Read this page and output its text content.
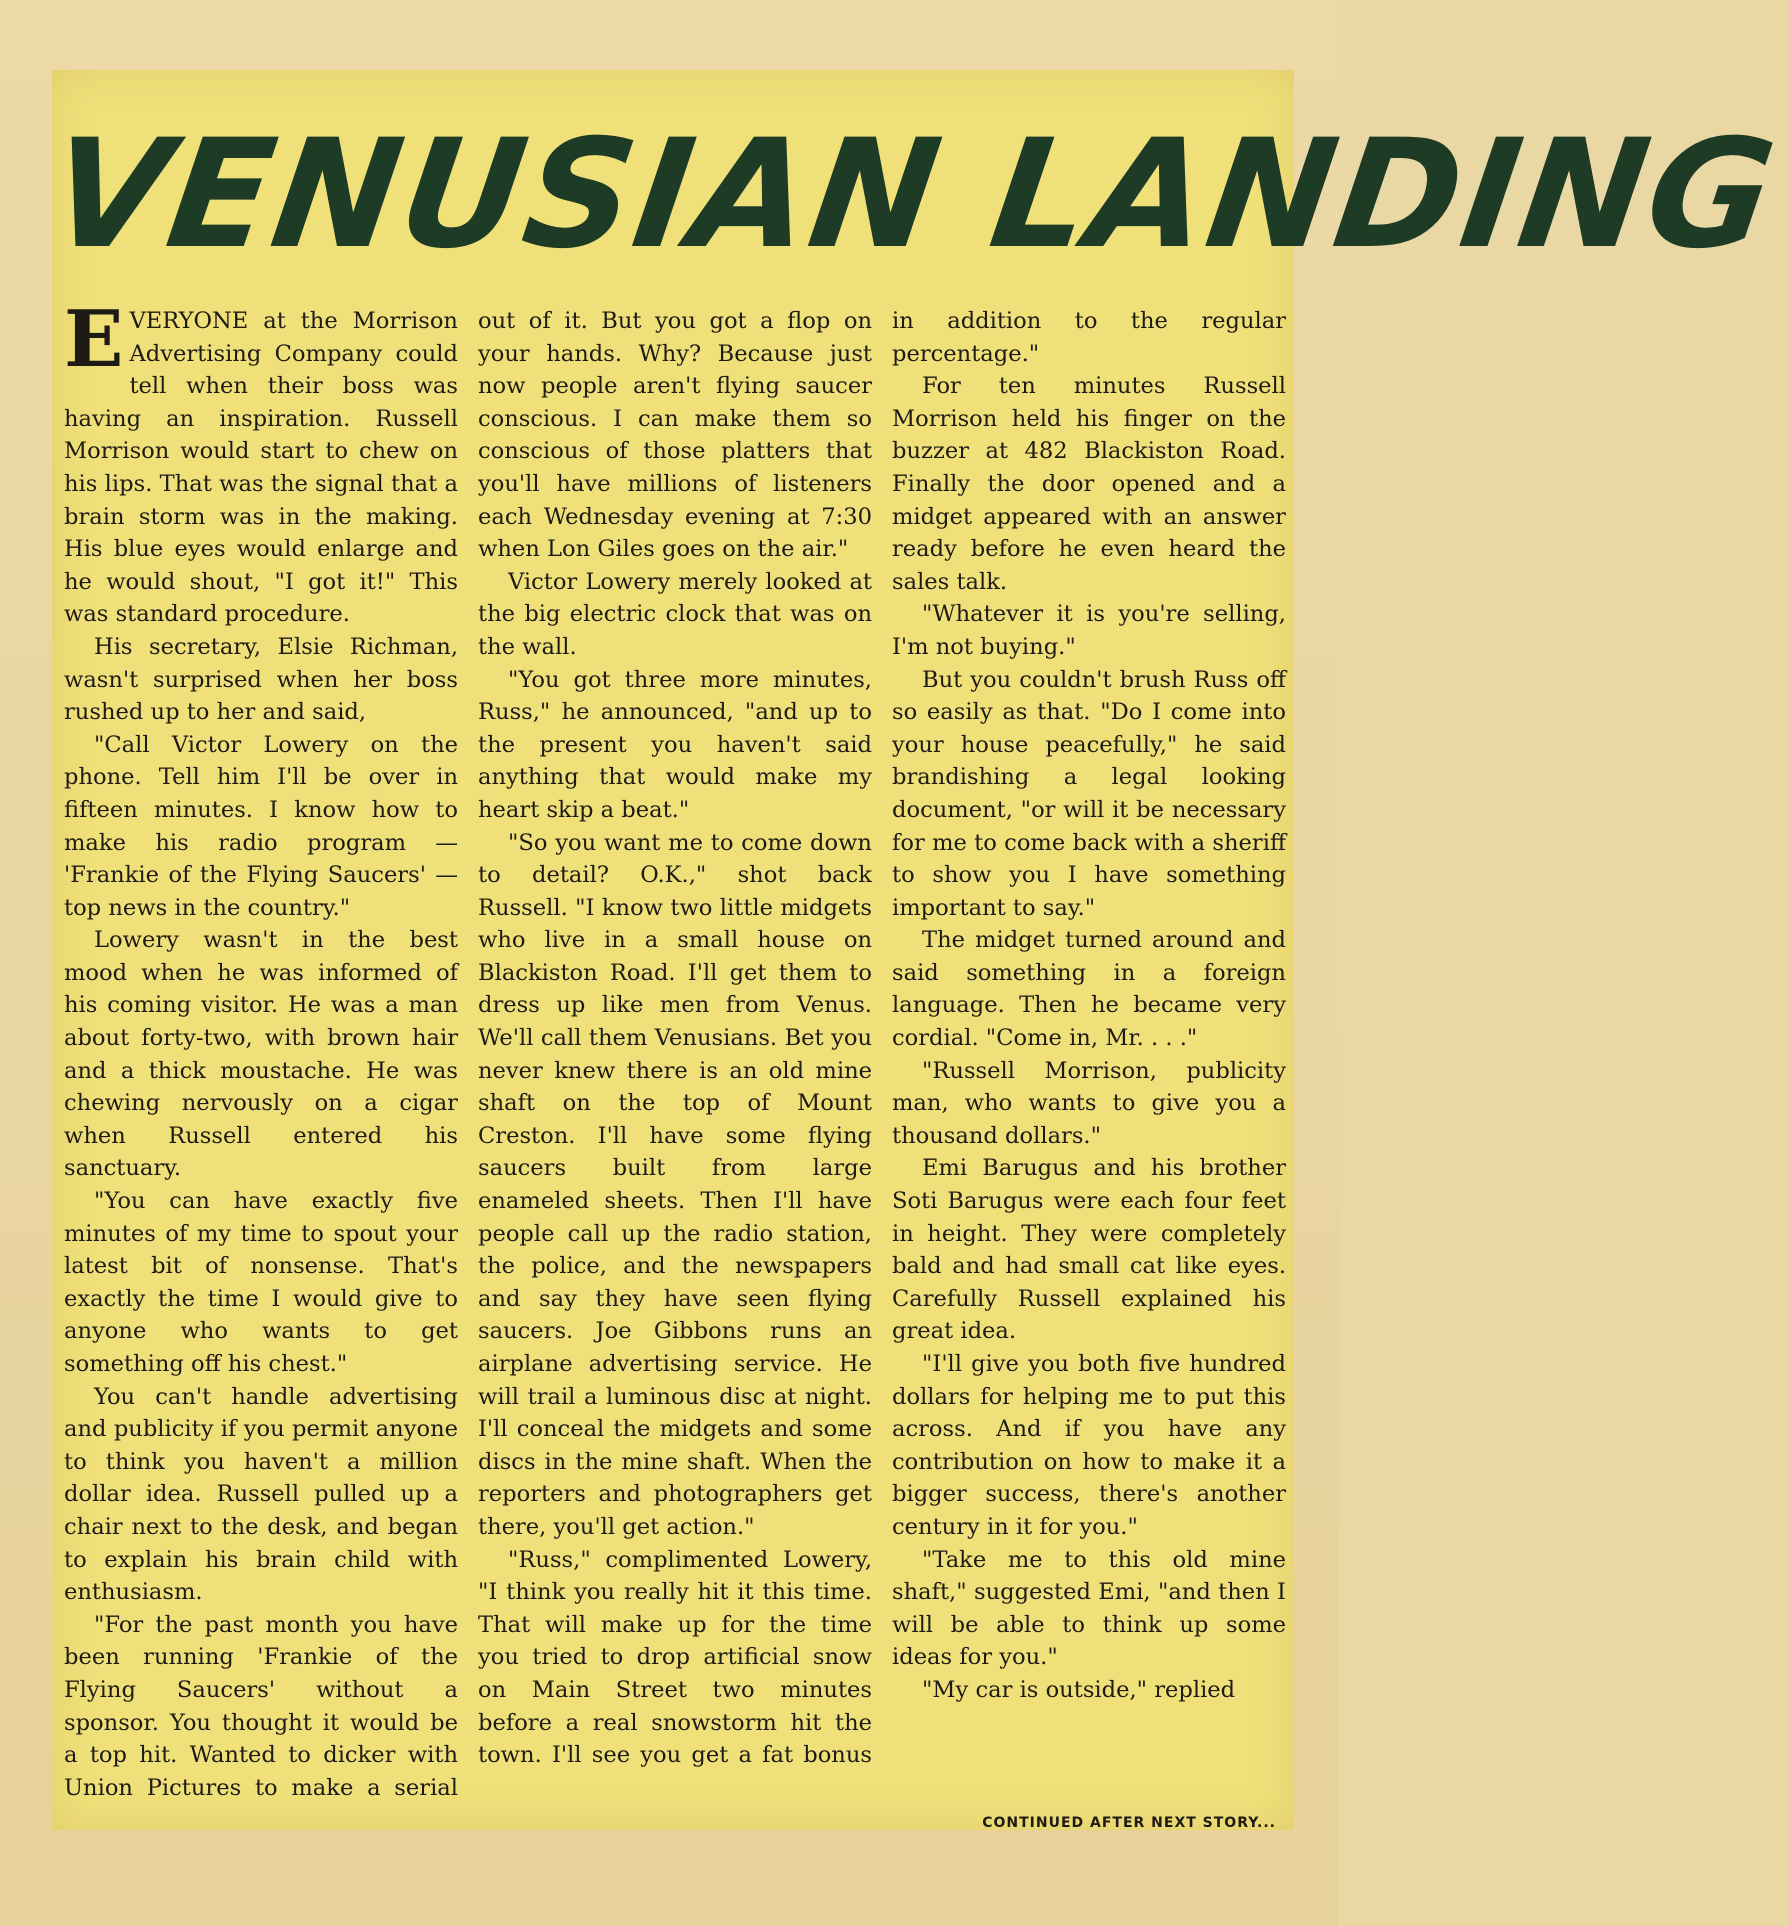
VENUSIAN LANDING

EVERYONE at the Morrison Advertising Company could tell when their boss was having an inspiration. Russell Morrison would start to chew on his lips. That was the signal that a brain storm was in the making. His blue eyes would enlarge and he would shout, "I got it!" This was standard procedure.

His secretary, Elsie Richman, wasn't surprised when her boss rushed up to her and said,

"Call Victor Lowery on the phone. Tell him I'll be over in fifteen minutes. I know how to make his radio program — 'Frankie of the Flying Saucers' — top news in the country."

Lowery wasn't in the best mood when he was informed of his coming visitor. He was a man about forty-two, with brown hair and a thick moustache. He was chewing nervously on a cigar when Russell entered his sanctuary.

"You can have exactly five minutes of my time to spout your latest bit of nonsense. That's exactly the time I would give to anyone who wants to get something off his chest."

You can't handle advertising and publicity if you permit anyone to think you haven't a million dollar idea. Russell pulled up a chair next to the desk, and began to explain his brain child with enthusiasm.

"For the past month you have been running 'Frankie of the Flying Saucers' without a sponsor. You thought it would be a top hit. Wanted to dicker with Union Pictures to make a serial out of it. But you got a flop on your hands. Why? Because just now people aren't flying saucer conscious. I can make them so conscious of those platters that you'll have millions of listeners each Wednesday evening at 7:30 when Lon Giles goes on the air."

Victor Lowery merely looked at the big electric clock that was on the wall.

"You got three more minutes, Russ," he announced, "and up to the present you haven't said anything that would make my heart skip a beat."

"So you want me to come down to detail? O.K.," shot back Russell. "I know two little midgets who live in a small house on Blackiston Road. I'll get them to dress up like men from Venus. We'll call them Venusians. Bet you never knew there is an old mine shaft on the top of Mount Creston. I'll have some flying saucers built from large enameled sheets. Then I'll have people call up the radio station, the police, and the newspapers and say they have seen flying saucers. Joe Gibbons runs an airplane advertising service. He will trail a luminous disc at night. I'll conceal the midgets and some discs in the mine shaft. When the reporters and photographers get there, you'll get action."

"Russ," complimented Lowery, "I think you really hit it this time. That will make up for the time you tried to drop artificial snow on Main Street two minutes before a real snowstorm hit the town. I'll see you get a fat bonus in addition to the regular percentage."

For ten minutes Russell Morrison held his finger on the buzzer at 482 Blackiston Road. Finally the door opened and a midget appeared with an answer ready before he even heard the sales talk.

"Whatever it is you're selling, I'm not buying."

But you couldn't brush Russ off so easily as that. "Do I come into your house peacefully," he said brandishing a legal looking document, "or will it be necessary for me to come back with a sheriff to show you I have something important to say."

The midget turned around and said something in a foreign language. Then he became very cordial. "Come in, Mr. . . ."

"Russell Morrison, publicity man, who wants to give you a thousand dollars."

Emi Barugus and his brother Soti Barugus were each four feet in height. They were completely bald and had small cat like eyes. Carefully Russell explained his great idea.

"I'll give you both five hundred dollars for helping me to put this across. And if you have any contribution on how to make it a bigger success, there's another century in it for you."

"Take me to this old mine shaft," suggested Emi, "and then I will be able to think up some ideas for you."

"My car is outside," replied

CONTINUED AFTER NEXT STORY...
